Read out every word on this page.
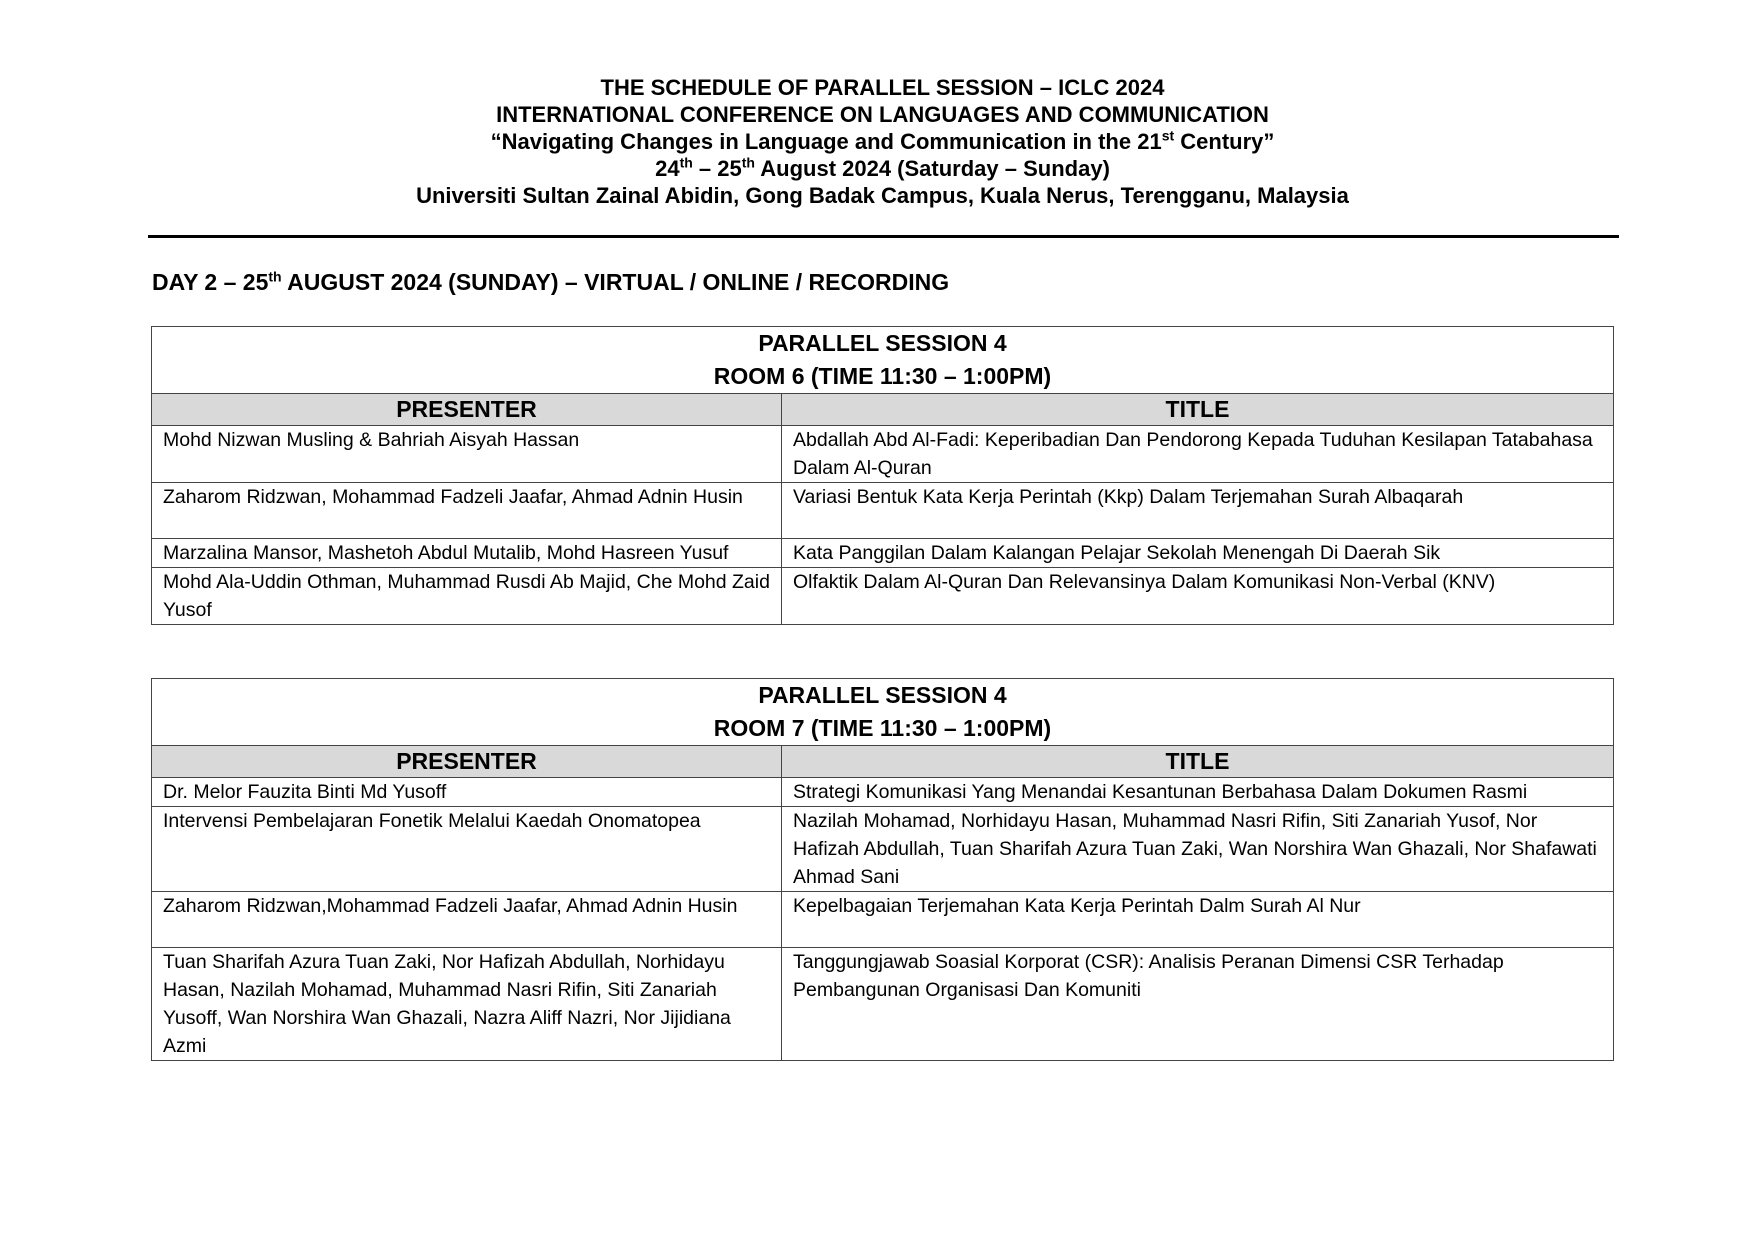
THE SCHEDULE OF PARALLEL SESSION – ICLC 2024
INTERNATIONAL CONFERENCE ON LANGUAGES AND COMMUNICATION
“Navigating Changes in Language and Communication in the 21st Century”
24th – 25th August 2024 (Saturday – Sunday)
Universiti Sultan Zainal Abidin, Gong Badak Campus, Kuala Nerus, Terengganu, Malaysia
DAY 2 – 25th AUGUST 2024 (SUNDAY) – VIRTUAL / ONLINE / RECORDING
PARALLEL SESSION 4
ROOM 6 (TIME 11:30 – 1:00PM)	

PRESENTER	TITLE
Mohd Nizwan Musling & Bahriah Aisyah Hassan	Abdallah Abd Al-Fadi: Keperibadian Dan Pendorong Kepada Tuduhan Kesilapan Tatabahasa Dalam Al-Quran
Zaharom Ridzwan, Mohammad Fadzeli Jaafar, Ahmad Adnin Husin	Variasi Bentuk Kata Kerja Perintah (Kkp) Dalam Terjemahan Surah Albaqarah
Marzalina Mansor, Mashetoh Abdul Mutalib, Mohd Hasreen Yusuf	Kata Panggilan Dalam Kalangan Pelajar Sekolah Menengah Di Daerah Sik
Mohd Ala-Uddin Othman, Muhammad Rusdi Ab Majid, Che Mohd Zaid Yusof	Olfaktik Dalam Al-Quran Dan Relevansinya Dalam Komunikasi Non-Verbal (KNV)
PARALLEL SESSION 4
ROOM 7 (TIME 11:30 – 1:00PM)	

PRESENTER	TITLE
Dr. Melor Fauzita Binti Md Yusoff	Strategi Komunikasi Yang Menandai Kesantunan Berbahasa Dalam Dokumen Rasmi
Intervensi Pembelajaran Fonetik Melalui Kaedah Onomatopea	Nazilah Mohamad, Norhidayu Hasan, Muhammad Nasri Rifin, Siti Zanariah Yusof, Nor Hafizah Abdullah, Tuan Sharifah Azura Tuan Zaki, Wan Norshira Wan Ghazali, Nor Shafawati Ahmad Sani
Zaharom Ridzwan,Mohammad Fadzeli Jaafar, Ahmad Adnin Husin	Kepelbagaian Terjemahan Kata Kerja Perintah Dalm Surah Al Nur
Tuan Sharifah Azura Tuan Zaki, Nor Hafizah Abdullah, Norhidayu Hasan, Nazilah Mohamad, Muhammad Nasri Rifin, Siti Zanariah Yusoff, Wan Norshira Wan Ghazali, Nazra Aliff Nazri, Nor Jijidiana Azmi	Tanggungjawab Soasial Korporat (CSR): Analisis Peranan Dimensi CSR Terhadap Pembangunan Organisasi Dan Komuniti
